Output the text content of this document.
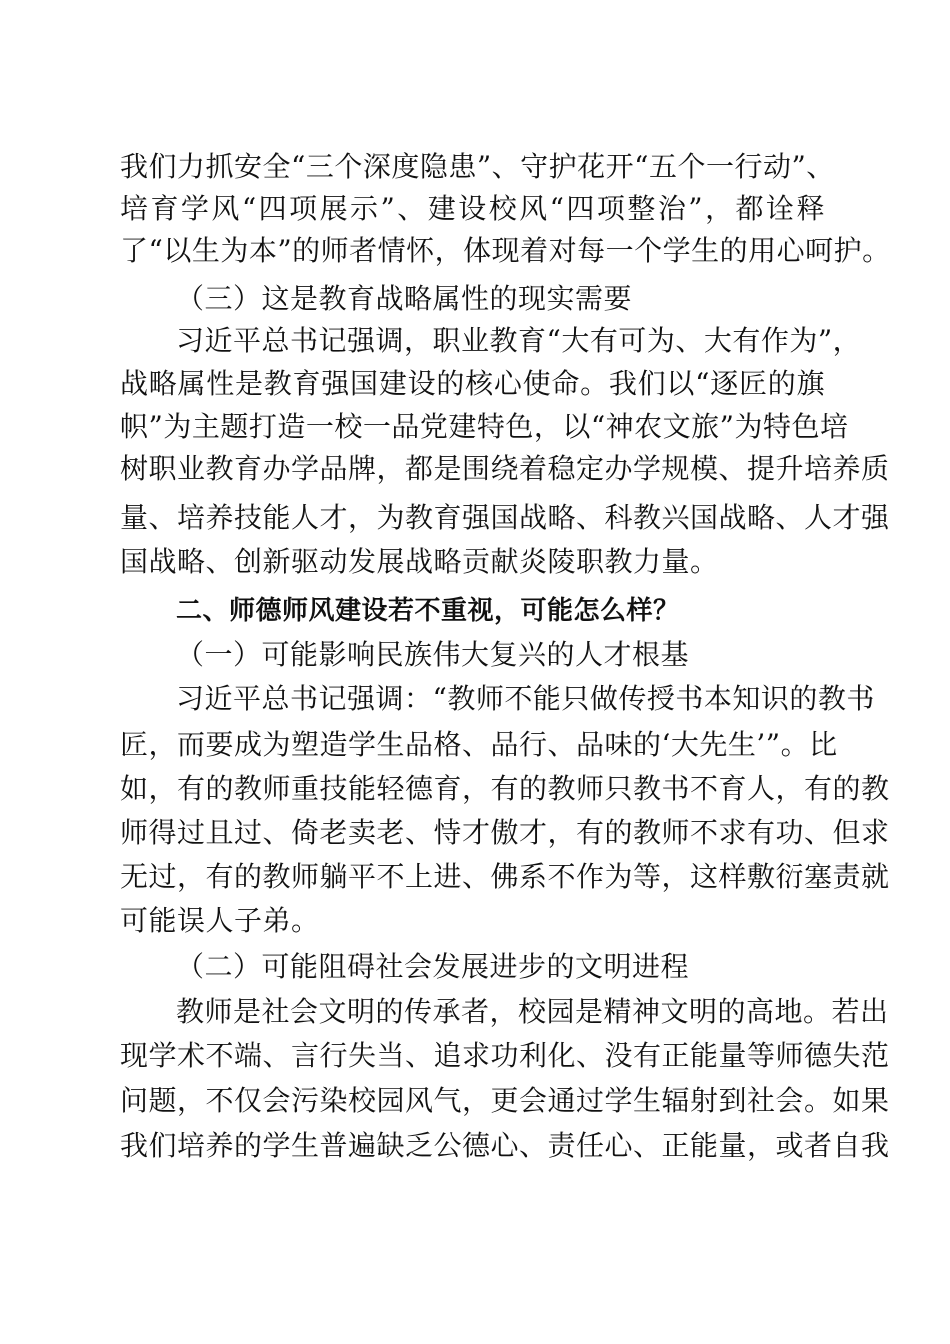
我们力抓安全“三个深度隐患”、守护花开“五个一行动”、
培育学风“四项展示”、建设校风“四项整治”，都诠释
了“以生为本”的师者情怀，体现着对每一个学生的用心呵护。
（三）这是教育战略属性的现实需要
习近平总书记强调，职业教育“大有可为、大有作为”，
战略属性是教育强国建设的核心使命。我们以“逐匠的旗
帜”为主题打造一校一品党建特色，以“神农文旅”为特色培
树职业教育办学品牌，都是围绕着稳定办学规模、提升培养质
量、培养技能人才，为教育强国战略、科教兴国战略、人才强
国战略、创新驱动发展战略贡献炎陵职教力量。
二、师德师风建设若不重视，可能怎么样？
（一）可能影响民族伟大复兴的人才根基
习近平总书记强调：“教师不能只做传授书本知识的教书
匠，而要成为塑造学生品格、品行、品味的‘大先生’”。比
如，有的教师重技能轻德育，有的教师只教书不育人，有的教
师得过且过、倚老卖老、恃才傲才，有的教师不求有功、但求
无过，有的教师躺平不上进、佛系不作为等，这样敷衍塞责就
可能误人子弟。
（二）可能阻碍社会发展进步的文明进程
教师是社会文明的传承者，校园是精神文明的高地。若出
现学术不端、言行失当、追求功利化、没有正能量等师德失范
问题，不仅会污染校园风气，更会通过学生辐射到社会。如果
我们培养的学生普遍缺乏公德心、责任心、正能量，或者自我
